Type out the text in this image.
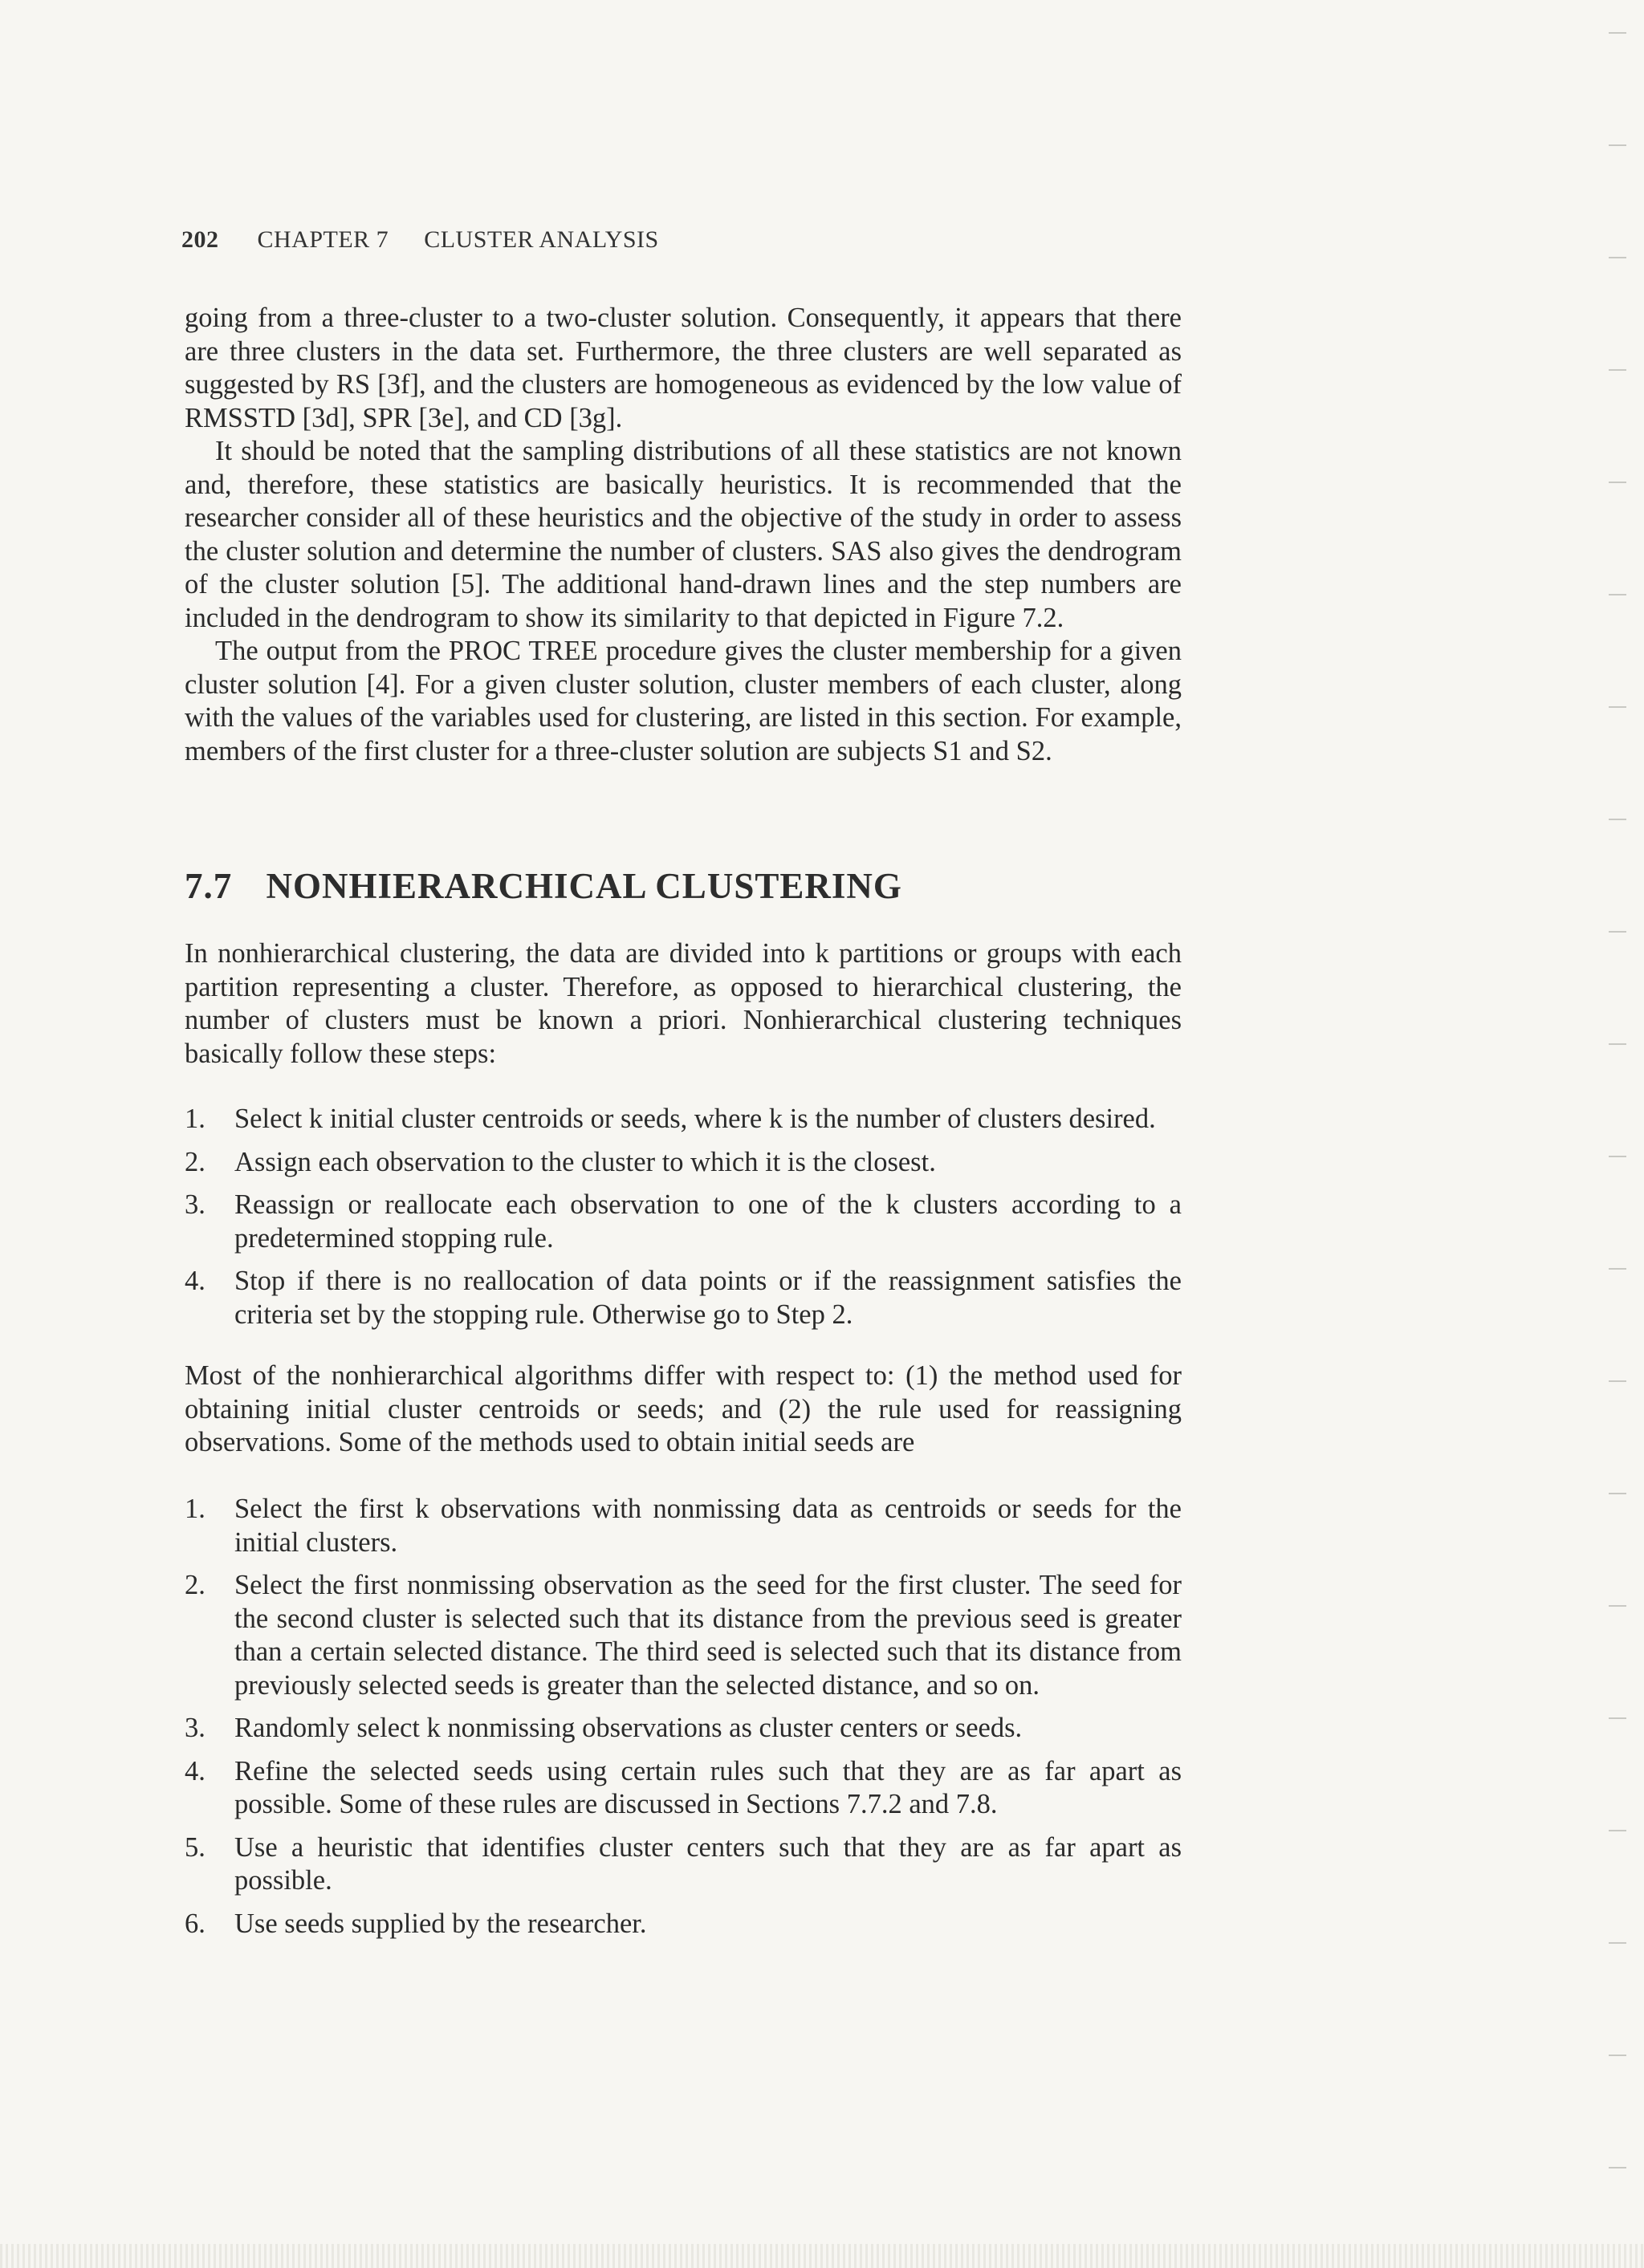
202 CHAPTER 7 CLUSTER ANALYSIS

going from a three-cluster to a two-cluster solution. Consequently, it appears that there are three clusters in the data set. Furthermore, the three clusters are well separated as suggested by RS [3f], and the clusters are homogeneous as evidenced by the low value of RMSSTD [3d], SPR [3e], and CD [3g].

It should be noted that the sampling distributions of all these statistics are not known and, therefore, these statistics are basically heuristics. It is recommended that the researcher consider all of these heuristics and the objective of the study in order to assess the cluster solution and determine the number of clusters. SAS also gives the dendrogram of the cluster solution [5]. The additional hand-drawn lines and the step numbers are included in the dendrogram to show its similarity to that depicted in Figure 7.2.

The output from the PROC TREE procedure gives the cluster membership for a given cluster solution [4]. For a given cluster solution, cluster members of each cluster, along with the values of the variables used for clustering, are listed in this section. For example, members of the first cluster for a three-cluster solution are subjects S1 and S2.

7.7 NONHIERARCHICAL CLUSTERING

In nonhierarchical clustering, the data are divided into k partitions or groups with each partition representing a cluster. Therefore, as opposed to hierarchical clustering, the number of clusters must be known a priori. Nonhierarchical clustering techniques basically follow these steps:

1. Select k initial cluster centroids or seeds, where k is the number of clusters desired.
2. Assign each observation to the cluster to which it is the closest.
3. Reassign or reallocate each observation to one of the k clusters according to a predetermined stopping rule.
4. Stop if there is no reallocation of data points or if the reassignment satisfies the criteria set by the stopping rule. Otherwise go to Step 2.

Most of the nonhierarchical algorithms differ with respect to: (1) the method used for obtaining initial cluster centroids or seeds; and (2) the rule used for reassigning observations. Some of the methods used to obtain initial seeds are

1. Select the first k observations with nonmissing data as centroids or seeds for the initial clusters.
2. Select the first nonmissing observation as the seed for the first cluster. The seed for the second cluster is selected such that its distance from the previous seed is greater than a certain selected distance. The third seed is selected such that its distance from previously selected seeds is greater than the selected distance, and so on.
3. Randomly select k nonmissing observations as cluster centers or seeds.
4. Refine the selected seeds using certain rules such that they are as far apart as possible. Some of these rules are discussed in Sections 7.7.2 and 7.8.
5. Use a heuristic that identifies cluster centers such that they are as far apart as possible.
6. Use seeds supplied by the researcher.
